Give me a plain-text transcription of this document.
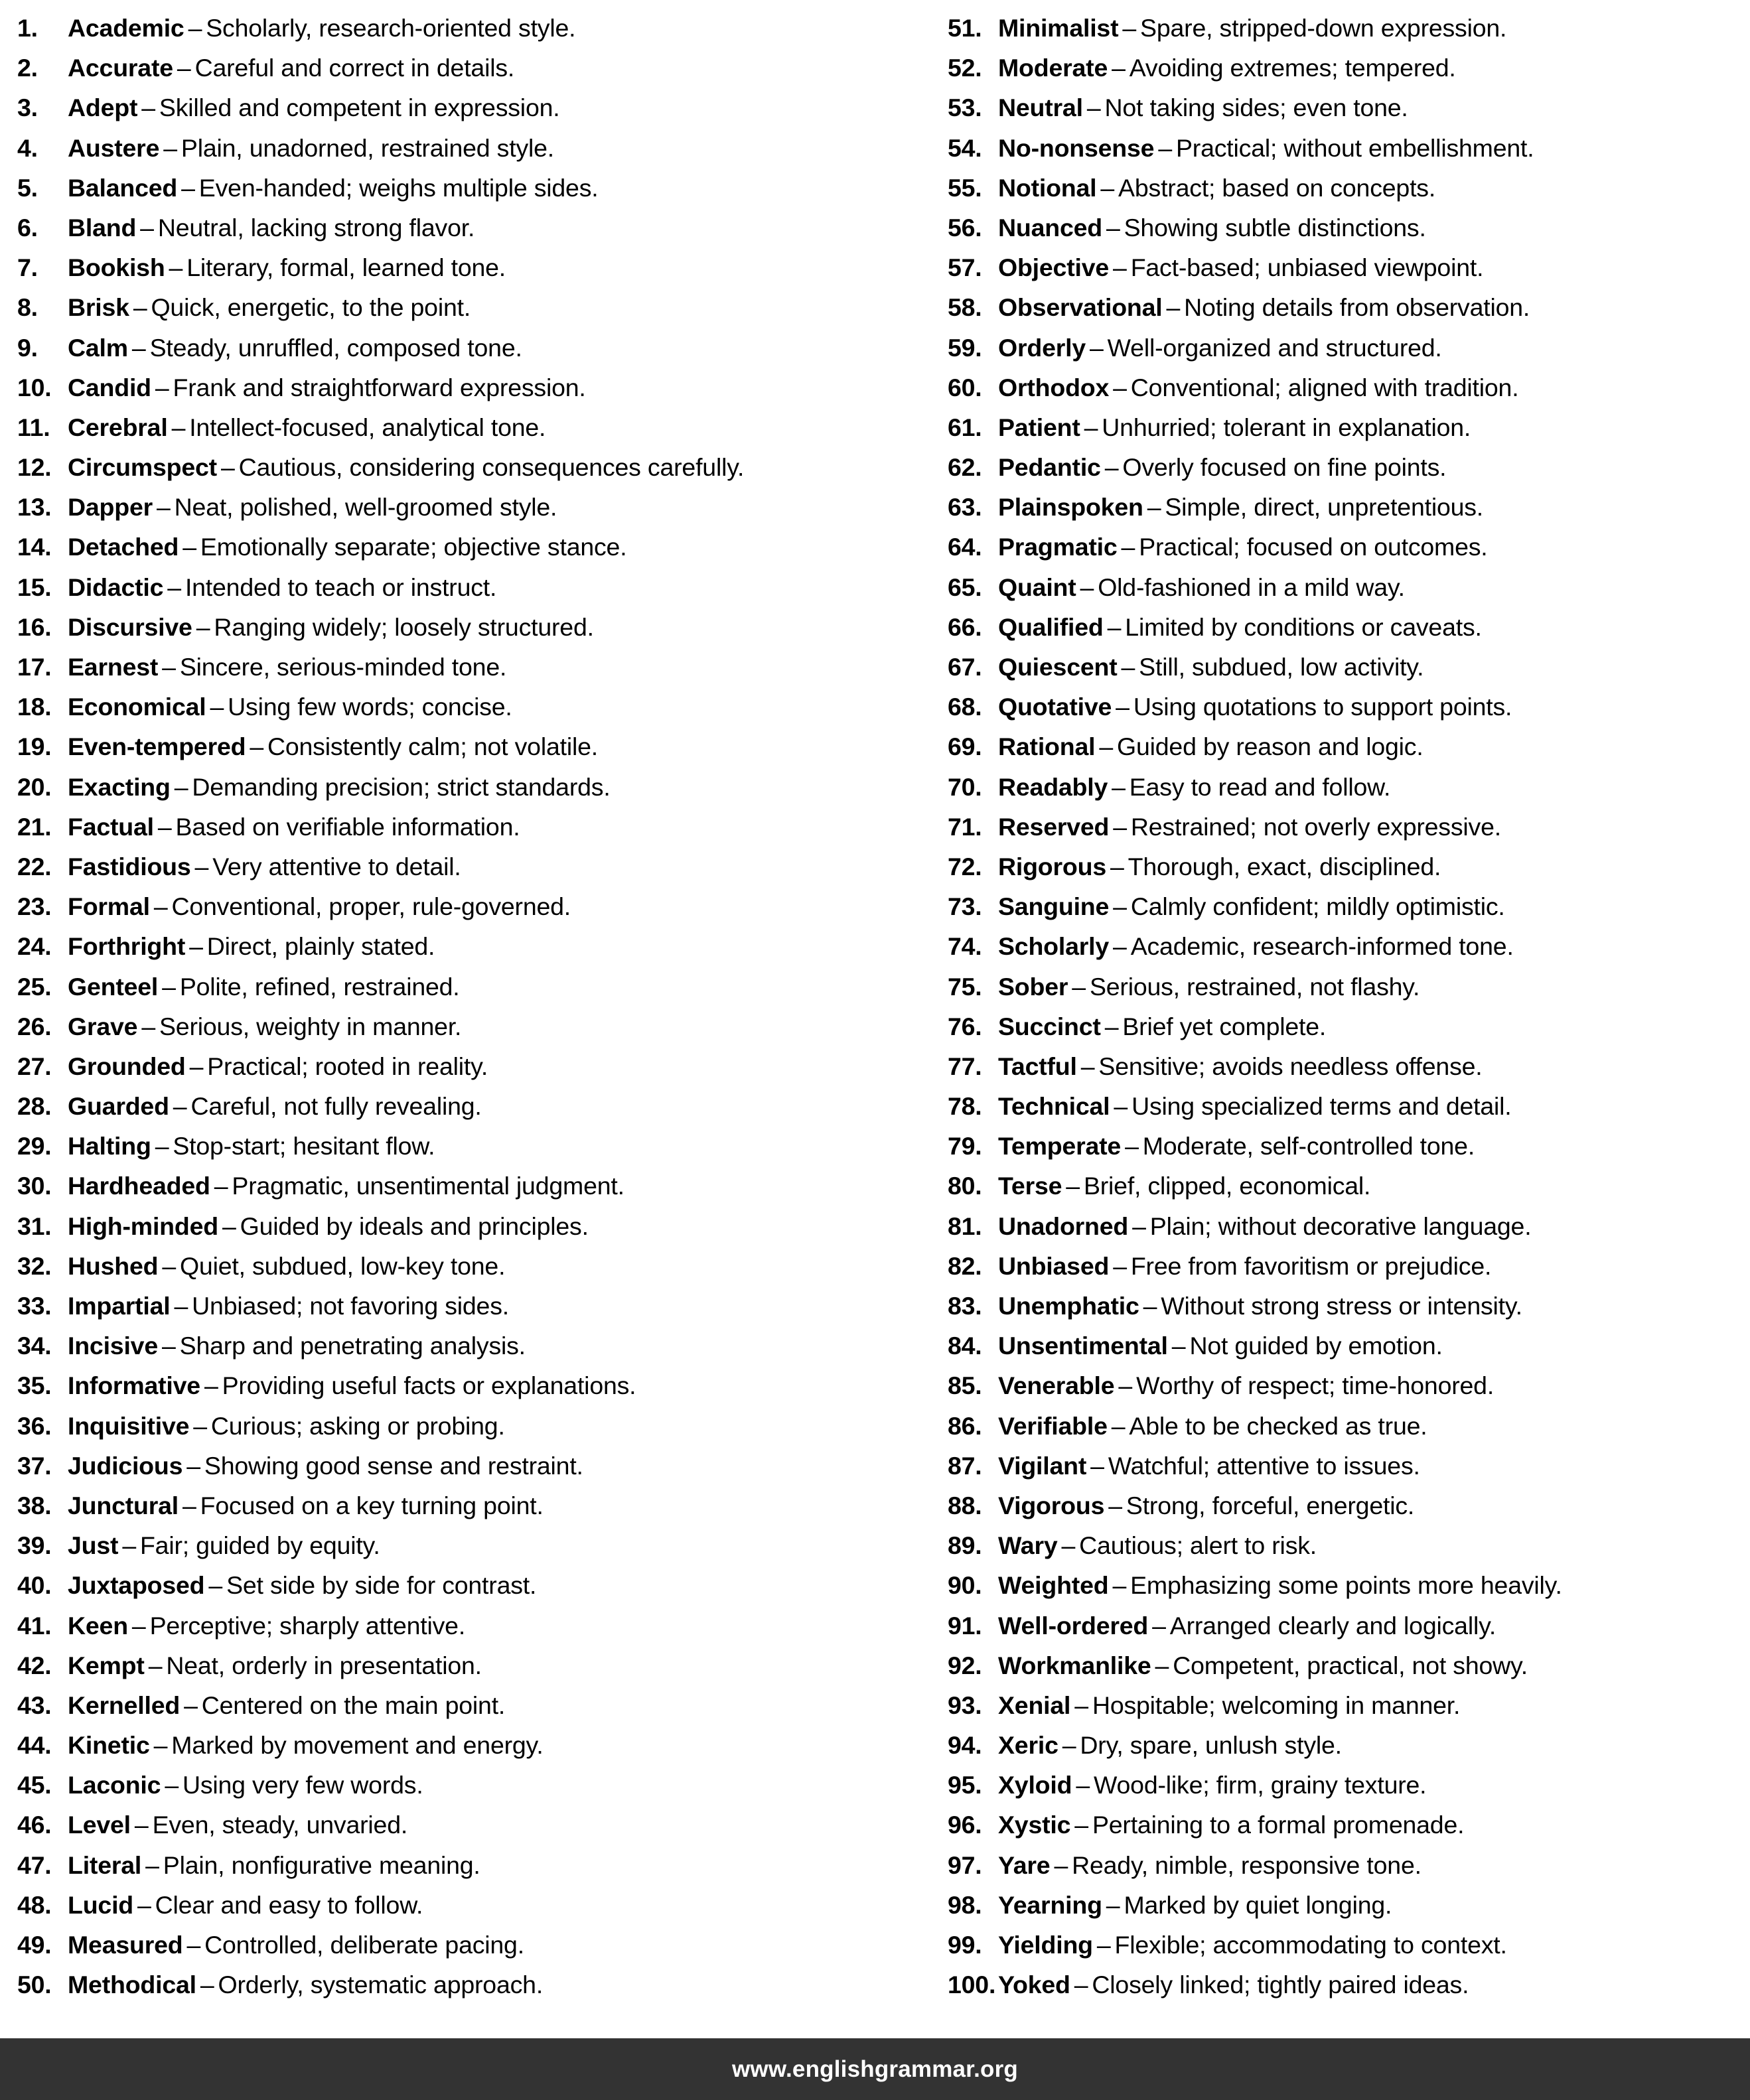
1.	Academic – Scholarly, research-oriented style.
2.	Accurate – Careful and correct in details.
3.	Adept – Skilled and competent in expression.
4.	Austere – Plain, unadorned, restrained style.
5.	Balanced – Even-handed; weighs multiple sides.
6.	Bland – Neutral, lacking strong flavor.
7.	Bookish – Literary, formal, learned tone.
8.	Brisk – Quick, energetic, to the point.
9.	Calm – Steady, unruffled, composed tone.
10. Candid – Frank and straightforward expression.
11. Cerebral – Intellect-focused, analytical tone.
12. Circumspect – Cautious, considering consequences carefully.
13. Dapper – Neat, polished, well-groomed style.
14. Detached – Emotionally separate; objective stance.
15. Didactic – Intended to teach or instruct.
16. Discursive – Ranging widely; loosely structured.
17. Earnest – Sincere, serious-minded tone.
18. Economical – Using few words; concise.
19. Even-tempered – Consistently calm; not volatile.
20. Exacting – Demanding precision; strict standards.
21. Factual – Based on verifiable information.
22. Fastidious – Very attentive to detail.
23. Formal – Conventional, proper, rule-governed.
24. Forthright – Direct, plainly stated.
25. Genteel – Polite, refined, restrained.
26. Grave – Serious, weighty in manner.
27. Grounded – Practical; rooted in reality.
28. Guarded – Careful, not fully revealing.
29. Halting – Stop-start; hesitant flow.
30. Hardheaded – Pragmatic, unsentimental judgment.
31. High-minded – Guided by ideals and principles.
32. Hushed – Quiet, subdued, low-key tone.
33. Impartial – Unbiased; not favoring sides.
34. Incisive – Sharp and penetrating analysis.
35. Informative – Providing useful facts or explanations.
36. Inquisitive – Curious; asking or probing.
37. Judicious – Showing good sense and restraint.
38. Junctural – Focused on a key turning point.
39. Just – Fair; guided by equity.
40. Juxtaposed – Set side by side for contrast.
41. Keen – Perceptive; sharply attentive.
42. Kempt – Neat, orderly in presentation.
43. Kernelled – Centered on the main point.
44. Kinetic – Marked by movement and energy.
45. Laconic – Using very few words.
46. Level – Even, steady, unvaried.
47. Literal – Plain, nonfigurative meaning.
48. Lucid – Clear and easy to follow.
49. Measured – Controlled, deliberate pacing.
50. Methodical – Orderly, systematic approach.
51. Minimalist – Spare, stripped-down expression.
52. Moderate – Avoiding extremes; tempered.
53. Neutral – Not taking sides; even tone.
54. No-nonsense – Practical; without embellishment.
55. Notional – Abstract; based on concepts.
56. Nuanced – Showing subtle distinctions.
57. Objective – Fact-based; unbiased viewpoint.
58. Observational – Noting details from observation.
59. Orderly – Well-organized and structured.
60. Orthodox – Conventional; aligned with tradition.
61. Patient – Unhurried; tolerant in explanation.
62. Pedantic – Overly focused on fine points.
63. Plainspoken – Simple, direct, unpretentious.
64. Pragmatic – Practical; focused on outcomes.
65. Quaint – Old-fashioned in a mild way.
66. Qualified – Limited by conditions or caveats.
67. Quiescent – Still, subdued, low activity.
68. Quotative – Using quotations to support points.
69. Rational – Guided by reason and logic.
70. Readably – Easy to read and follow.
71. Reserved – Restrained; not overly expressive.
72. Rigorous – Thorough, exact, disciplined.
73. Sanguine – Calmly confident; mildly optimistic.
74. Scholarly – Academic, research-informed tone.
75. Sober – Serious, restrained, not flashy.
76. Succinct – Brief yet complete.
77. Tactful – Sensitive; avoids needless offense.
78. Technical – Using specialized terms and detail.
79. Temperate – Moderate, self-controlled tone.
80. Terse – Brief, clipped, economical.
81. Unadorned – Plain; without decorative language.
82. Unbiased – Free from favoritism or prejudice.
83. Unemphatic – Without strong stress or intensity.
84. Unsentimental – Not guided by emotion.
85. Venerable – Worthy of respect; time-honored.
86. Verifiable – Able to be checked as true.
87. Vigilant – Watchful; attentive to issues.
88. Vigorous – Strong, forceful, energetic.
89. Wary – Cautious; alert to risk.
90. Weighted – Emphasizing some points more heavily.
91. Well-ordered – Arranged clearly and logically.
92. Workmanlike – Competent, practical, not showy.
93. Xenial – Hospitable; welcoming in manner.
94. Xeric – Dry, spare, unlush style.
95. Xyloid – Wood-like; firm, grainy texture.
96. Xystic – Pertaining to a formal promenade.
97. Yare – Ready, nimble, responsive tone.
98. Yearning – Marked by quiet longing.
99. Yielding – Flexible; accommodating to context.
100. Yoked – Closely linked; tightly paired ideas.
www.englishgrammar.org
